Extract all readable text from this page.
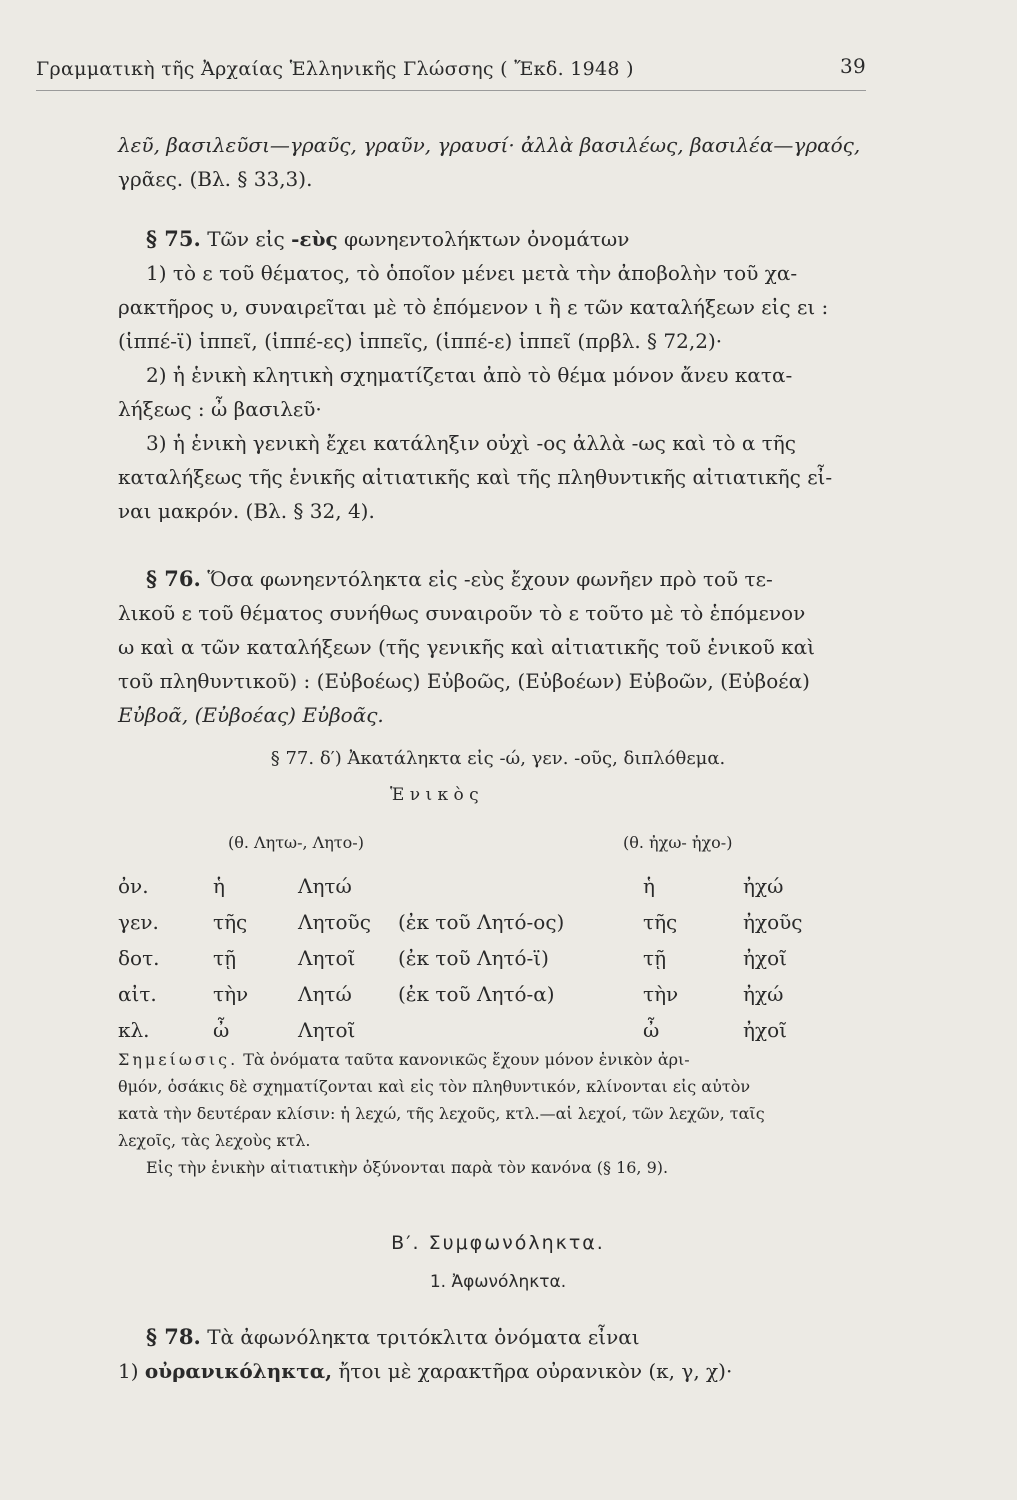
Γραμματικὴ τῆς Ἀρχαίας Ἑλληνικῆς Γλώσσης ( Ἔκδ. 1948 )	39

λεῦ, βασιλεῦσι—γραῦς, γραῦν, γραυσί· ἀλλὰ βασιλέως, βασιλέα—γραός,

γρᾶες. (Βλ. § 33,3).

§ 75. Τῶν εἰς -εὺς φωνηεντολήκτων ὀνομάτων

1) τὸ ε τοῦ θέματος, τὸ ὁποῖον μένει μετὰ τὴν ἀποβολὴν τοῦ χα-

ρακτῆρος υ, συναιρεῖται μὲ τὸ ἑπόμενον ι ἢ ε τῶν καταλήξεων εἰς ει :

(ἱππέ-ϊ) ἱππεῖ, (ἱππέ-ες) ἱππεῖς, (ἱππέ-ε) ἱππεῖ (πρβλ. § 72,2)·

2) ἡ ἑνικὴ κλητικὴ σχηματίζεται ἀπὸ τὸ θέμα μόνον ἄνευ κατα-

λήξεως : ὦ βασιλεῦ·

3) ἡ ἑνικὴ γενικὴ ἔχει κατάληξιν οὐχὶ -ος ἀλλὰ -ως καὶ τὸ α τῆς

καταλήξεως τῆς ἑνικῆς αἰτιατικῆς καὶ τῆς πληθυντικῆς αἰτιατικῆς εἶ-

ναι μακρόν. (Βλ. § 32, 4).

§ 76. Ὅσα φωνηεντόληκτα εἰς -εὺς ἔχουν φωνῆεν πρὸ τοῦ τε-

λικοῦ ε τοῦ θέματος συνήθως συναιροῦν τὸ ε τοῦτο μὲ τὸ ἑπόμενον

ω καὶ α τῶν καταλήξεων (τῆς γενικῆς καὶ αἰτιατικῆς τοῦ ἑνικοῦ καὶ

τοῦ πληθυντικοῦ) : (Εὐβοέως) Εὐβοῶς, (Εὐβοέων) Εὐβοῶν, (Εὐβοέα)

Εὐβοᾶ, (Εὐβοέας) Εὐβοᾶς.

§ 77. δ′) Ἀκατάληκτα εἰς -ώ, γεν. -οῦς, διπλόθεμα.
Ἑ ν ι κ ὸ ς
(θ. Λητω-, Λητο-)	(θ. ἠχω- ἠχο-)
ὀν.	ἡ	Λητώ		ἡ	ἠχώ
γεν.	τῆς	Λητοῦς	(ἐκ τοῦ Λητό-ος)	τῆς	ἠχοῦς
δοτ.	τῇ	Λητοῖ	(ἐκ τοῦ Λητό-ϊ)	τῇ	ἠχοῖ
αἰτ.	τὴν	Λητώ	(ἐκ τοῦ Λητό-α)	τὴν	ἠχώ
κλ.	ὦ	Λητοῖ		ὦ	ἠχοῖ

Σημείωσις. Τὰ ὀνόματα ταῦτα κανονικῶς ἔχουν μόνον ἑνικὸν ἀρι-

θμόν, ὁσάκις δὲ σχηματίζονται καὶ εἰς τὸν πληθυντικόν, κλίνονται εἰς αὐτὸν

κατὰ τὴν δευτέραν κλίσιν: ἡ λεχώ, τῆς λεχοῦς, κτλ.—αἱ λεχοί, τῶν λεχῶν, ταῖς

λεχοῖς, τὰς λεχοὺς κτλ.

Εἰς τὴν ἑνικὴν αἰτιατικὴν ὀξύνονται παρὰ τὸν κανόνα (§ 16, 9).

Β′. Συμφωνόληκτα.
1. Ἀφωνόληκτα.

§ 78. Τὰ ἀφωνόληκτα τριτόκλιτα ὀνόματα εἶναι

1) οὐρανικόληκτα, ἤτοι μὲ χαρακτῆρα οὐρανικὸν (κ, γ, χ)·
